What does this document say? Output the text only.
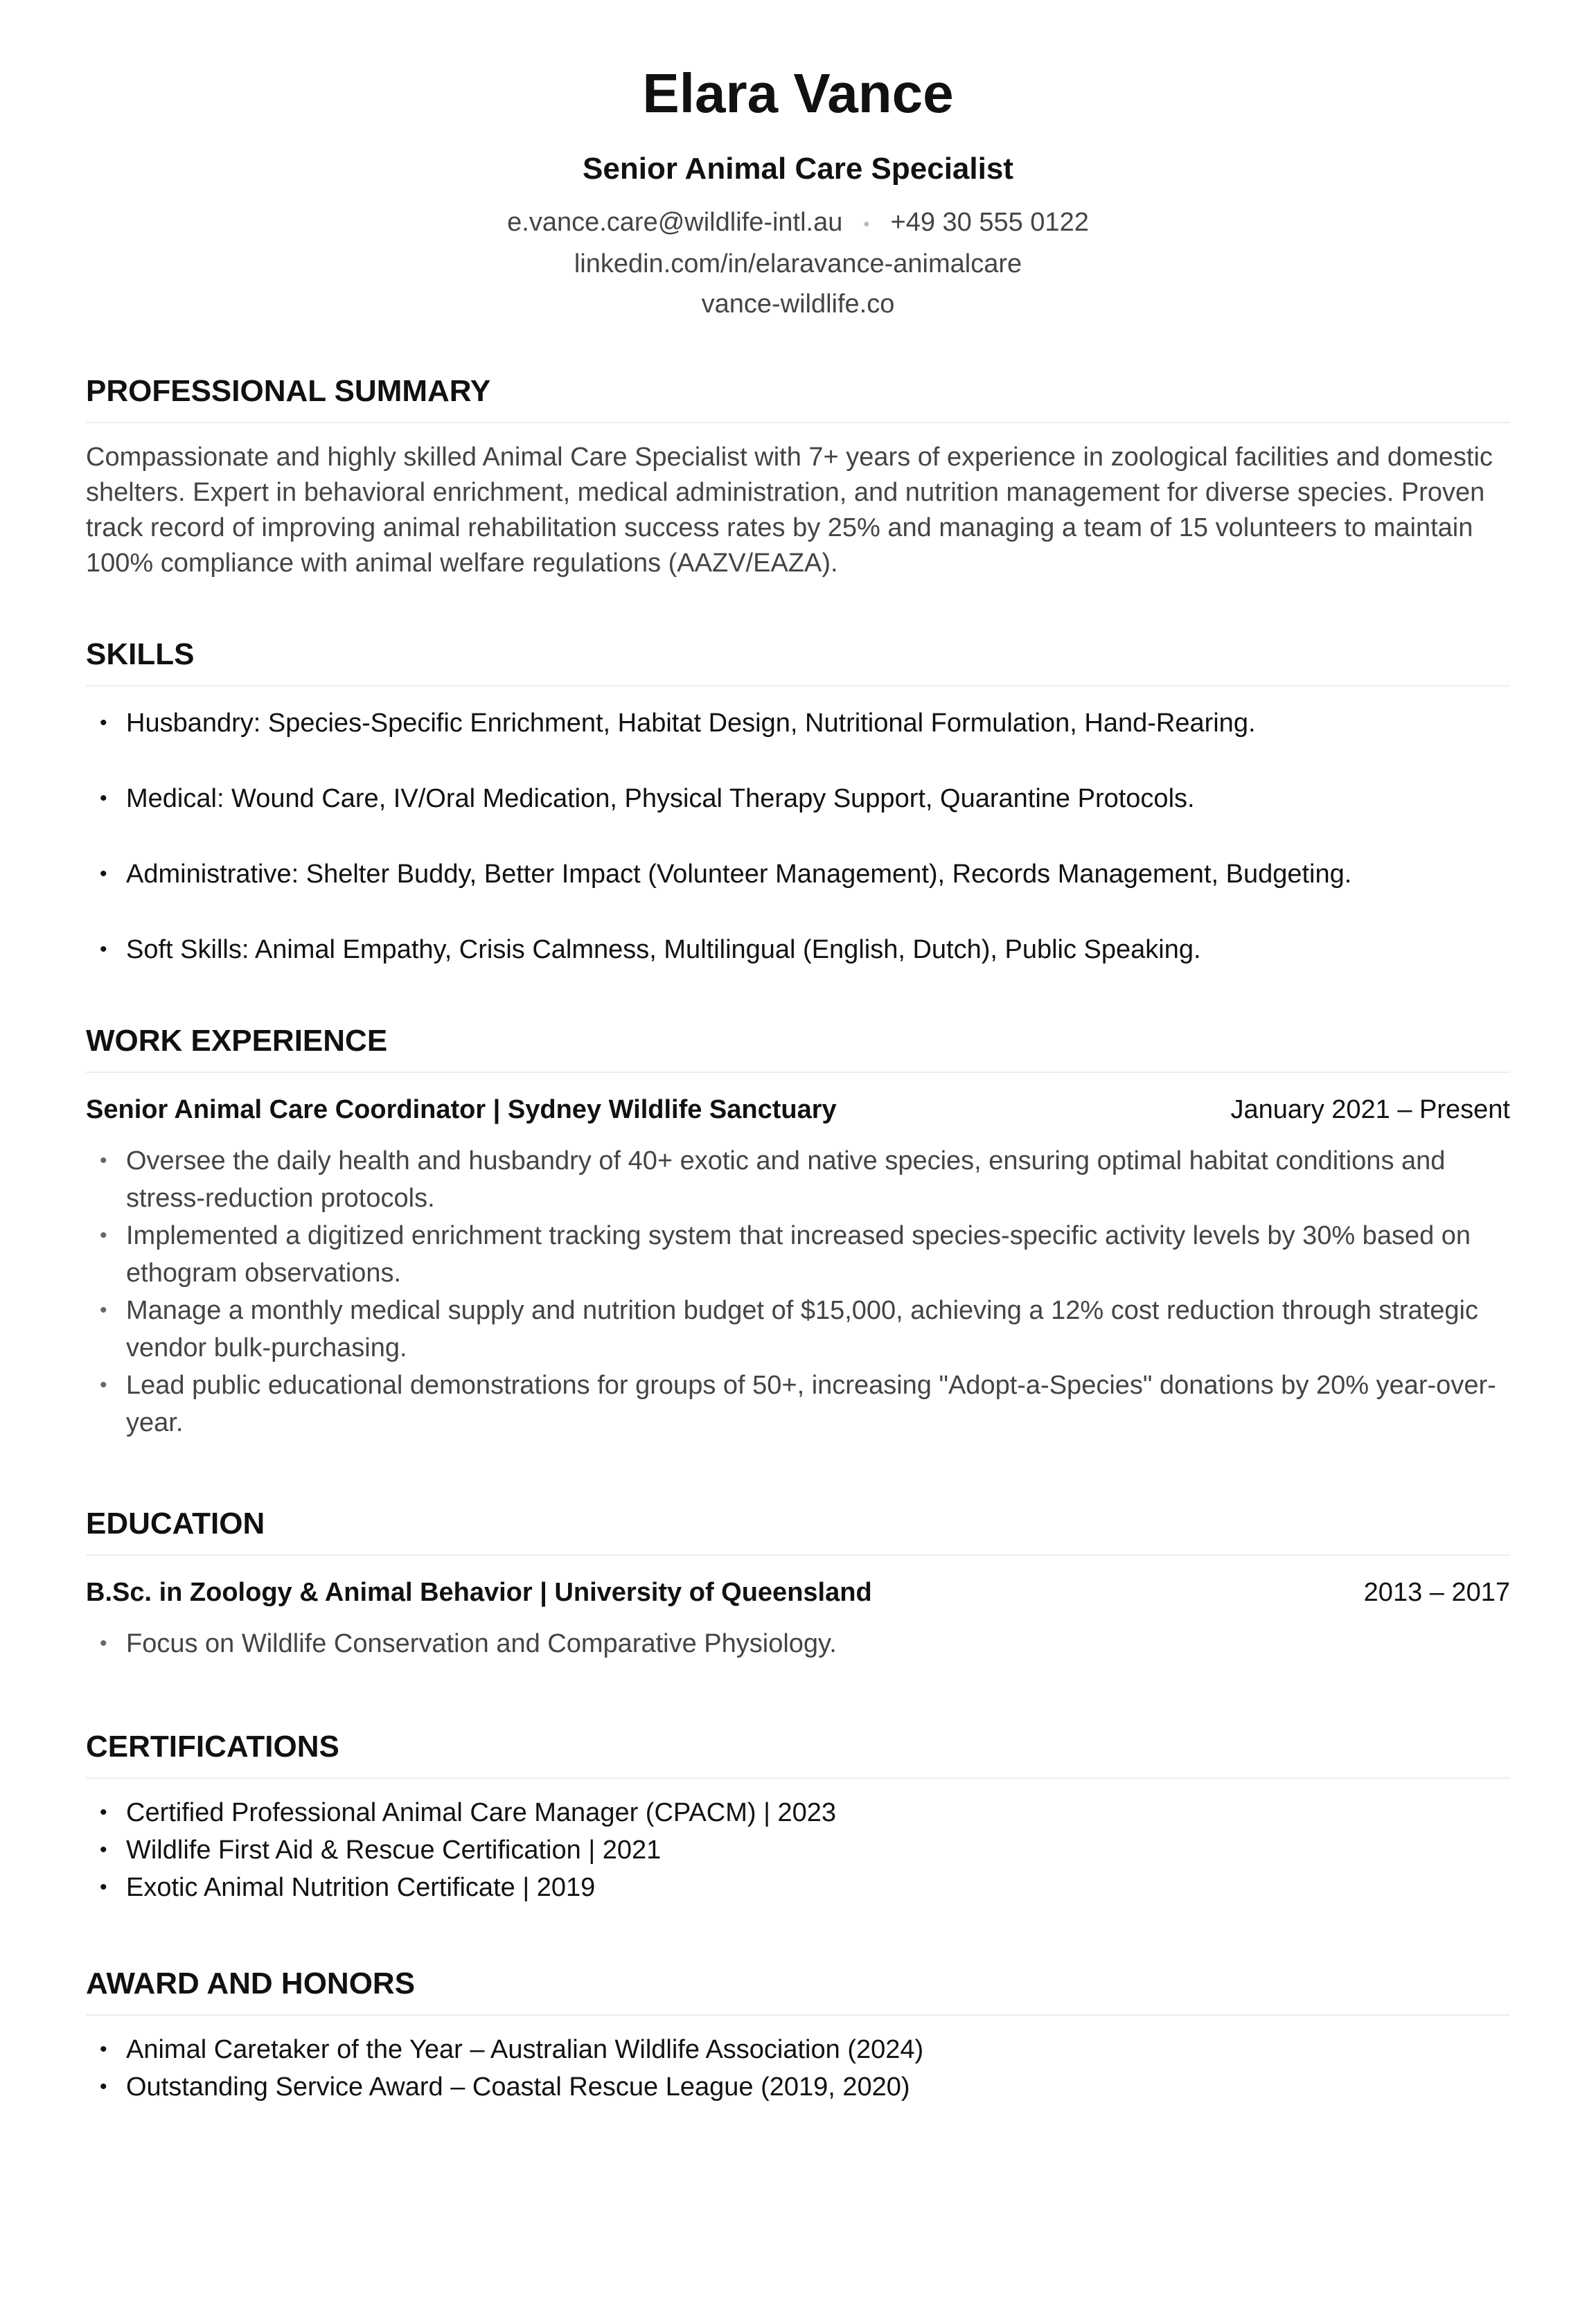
Elara Vance
Senior Animal Care Specialist
e.vance.care@wildlife-intl.au • +49 30 555 0122
linkedin.com/in/elaravance-animalcare
vance-wildlife.co
PROFESSIONAL SUMMARY
Compassionate and highly skilled Animal Care Specialist with 7+ years of experience in zoological facilities and domestic shelters. Expert in behavioral enrichment, medical administration, and nutrition management for diverse species. Proven track record of improving animal rehabilitation success rates by 25% and managing a team of 15 volunteers to maintain 100% compliance with animal welfare regulations (AAZV/EAZA).
SKILLS
• Husbandry: Species-Specific Enrichment, Habitat Design, Nutritional Formulation, Hand-Rearing.
• Medical: Wound Care, IV/Oral Medication, Physical Therapy Support, Quarantine Protocols.
• Administrative: Shelter Buddy, Better Impact (Volunteer Management), Records Management, Budgeting.
• Soft Skills: Animal Empathy, Crisis Calmness, Multilingual (English, Dutch), Public Speaking.
WORK EXPERIENCE
Senior Animal Care Coordinator | Sydney Wildlife Sanctuary	January 2021 – Present
• Oversee the daily health and husbandry of 40+ exotic and native species, ensuring optimal habitat conditions and stress-reduction protocols.
• Implemented a digitized enrichment tracking system that increased species-specific activity levels by 30% based on ethogram observations.
• Manage a monthly medical supply and nutrition budget of $15,000, achieving a 12% cost reduction through strategic vendor bulk-purchasing.
• Lead public educational demonstrations for groups of 50+, increasing "Adopt-a-Species" donations by 20% year-over-year.
EDUCATION
B.Sc. in Zoology & Animal Behavior | University of Queensland	2013 – 2017
• Focus on Wildlife Conservation and Comparative Physiology.
CERTIFICATIONS
• Certified Professional Animal Care Manager (CPACM) | 2023
• Wildlife First Aid & Rescue Certification | 2021
• Exotic Animal Nutrition Certificate | 2019
AWARD AND HONORS
• Animal Caretaker of the Year – Australian Wildlife Association (2024)
• Outstanding Service Award – Coastal Rescue League (2019, 2020)
